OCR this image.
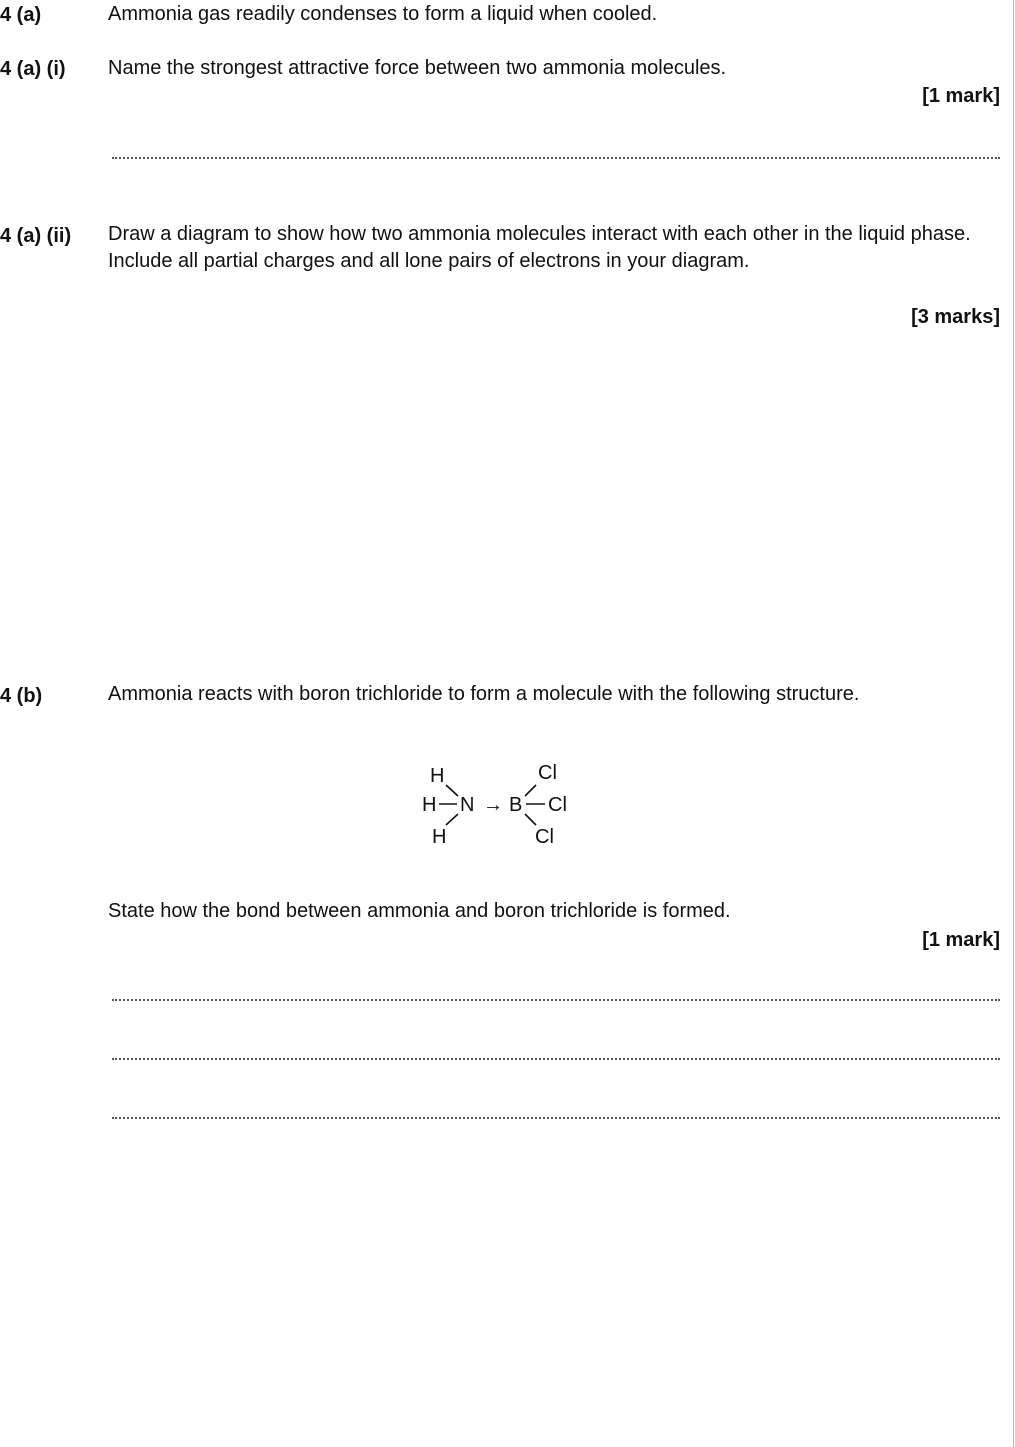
4 (a)	Ammonia gas readily condenses to form a liquid when cooled.
4 (a) (i) Name the strongest attractive force between two ammonia molecules.
[1 mark]
4 (a) (ii) Draw a diagram to show how two ammonia molecules interact with each other in the liquid phase.
Include all partial charges and all lone pairs of electrons in your diagram.
[3 marks]
4 (b)	Ammonia reacts with boron trichloride to form a molecule with the following structure.
H
H
H
N → B
Cl
Cl
Cl
State how the bond between ammonia and boron trichloride is formed.
[1 mark]
